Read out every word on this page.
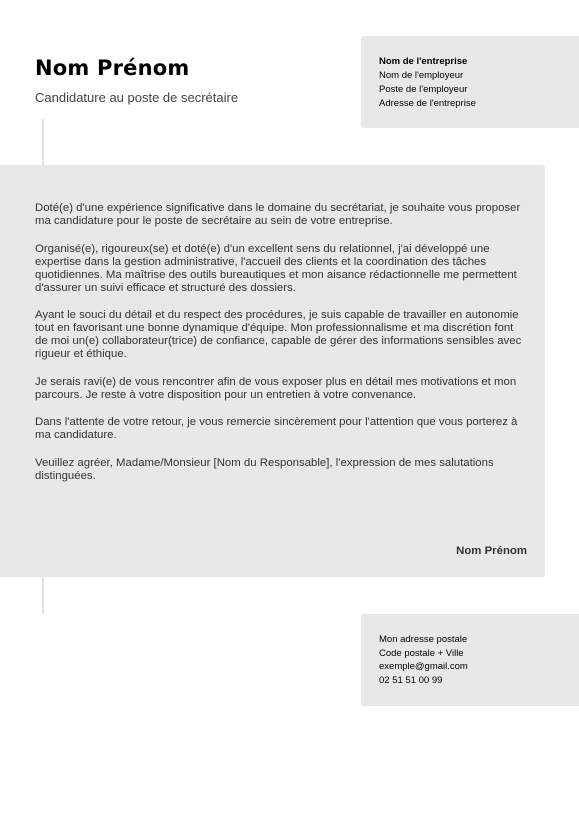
Nom Prénom

Candidature au poste de secrétaire

Nom de l'entreprise
Nom de l'employeur
Poste de l'employeur
Adresse de l'entreprise

Doté(e) d'une expérience significative dans le domaine du secrétariat, je souhaite vous proposer ma candidature pour le poste de secrétaire au sein de votre entreprise.

Organisé(e), rigoureux(se) et doté(e) d'un excellent sens du relationnel, j'ai développé une expertise dans la gestion administrative, l'accueil des clients et la coordination des tâches quotidiennes. Ma maîtrise des outils bureautiques et mon aisance rédactionnelle me permettent d'assurer un suivi efficace et structuré des dossiers.

Ayant le souci du détail et du respect des procédures, je suis capable de travailler en autonomie tout en favorisant une bonne dynamique d'équipe. Mon professionnalisme et ma discrétion font de moi un(e) collaborateur(trice) de confiance, capable de gérer des informations sensibles avec rigueur et éthique.

Je serais ravi(e) de vous rencontrer afin de vous exposer plus en détail mes motivations et mon parcours. Je reste à votre disposition pour un entretien à votre convenance.

Dans l'attente de votre retour, je vous remercie sincèrement pour l'attention que vous porterez à ma candidature.

Veuillez agréer, Madame/Monsieur [Nom du Responsable], l'expression de mes salutations distinguées.

Nom Prénom

Mon adresse postale
Code postale + Ville
exemple@gmail.com
02 51 51 00 99
